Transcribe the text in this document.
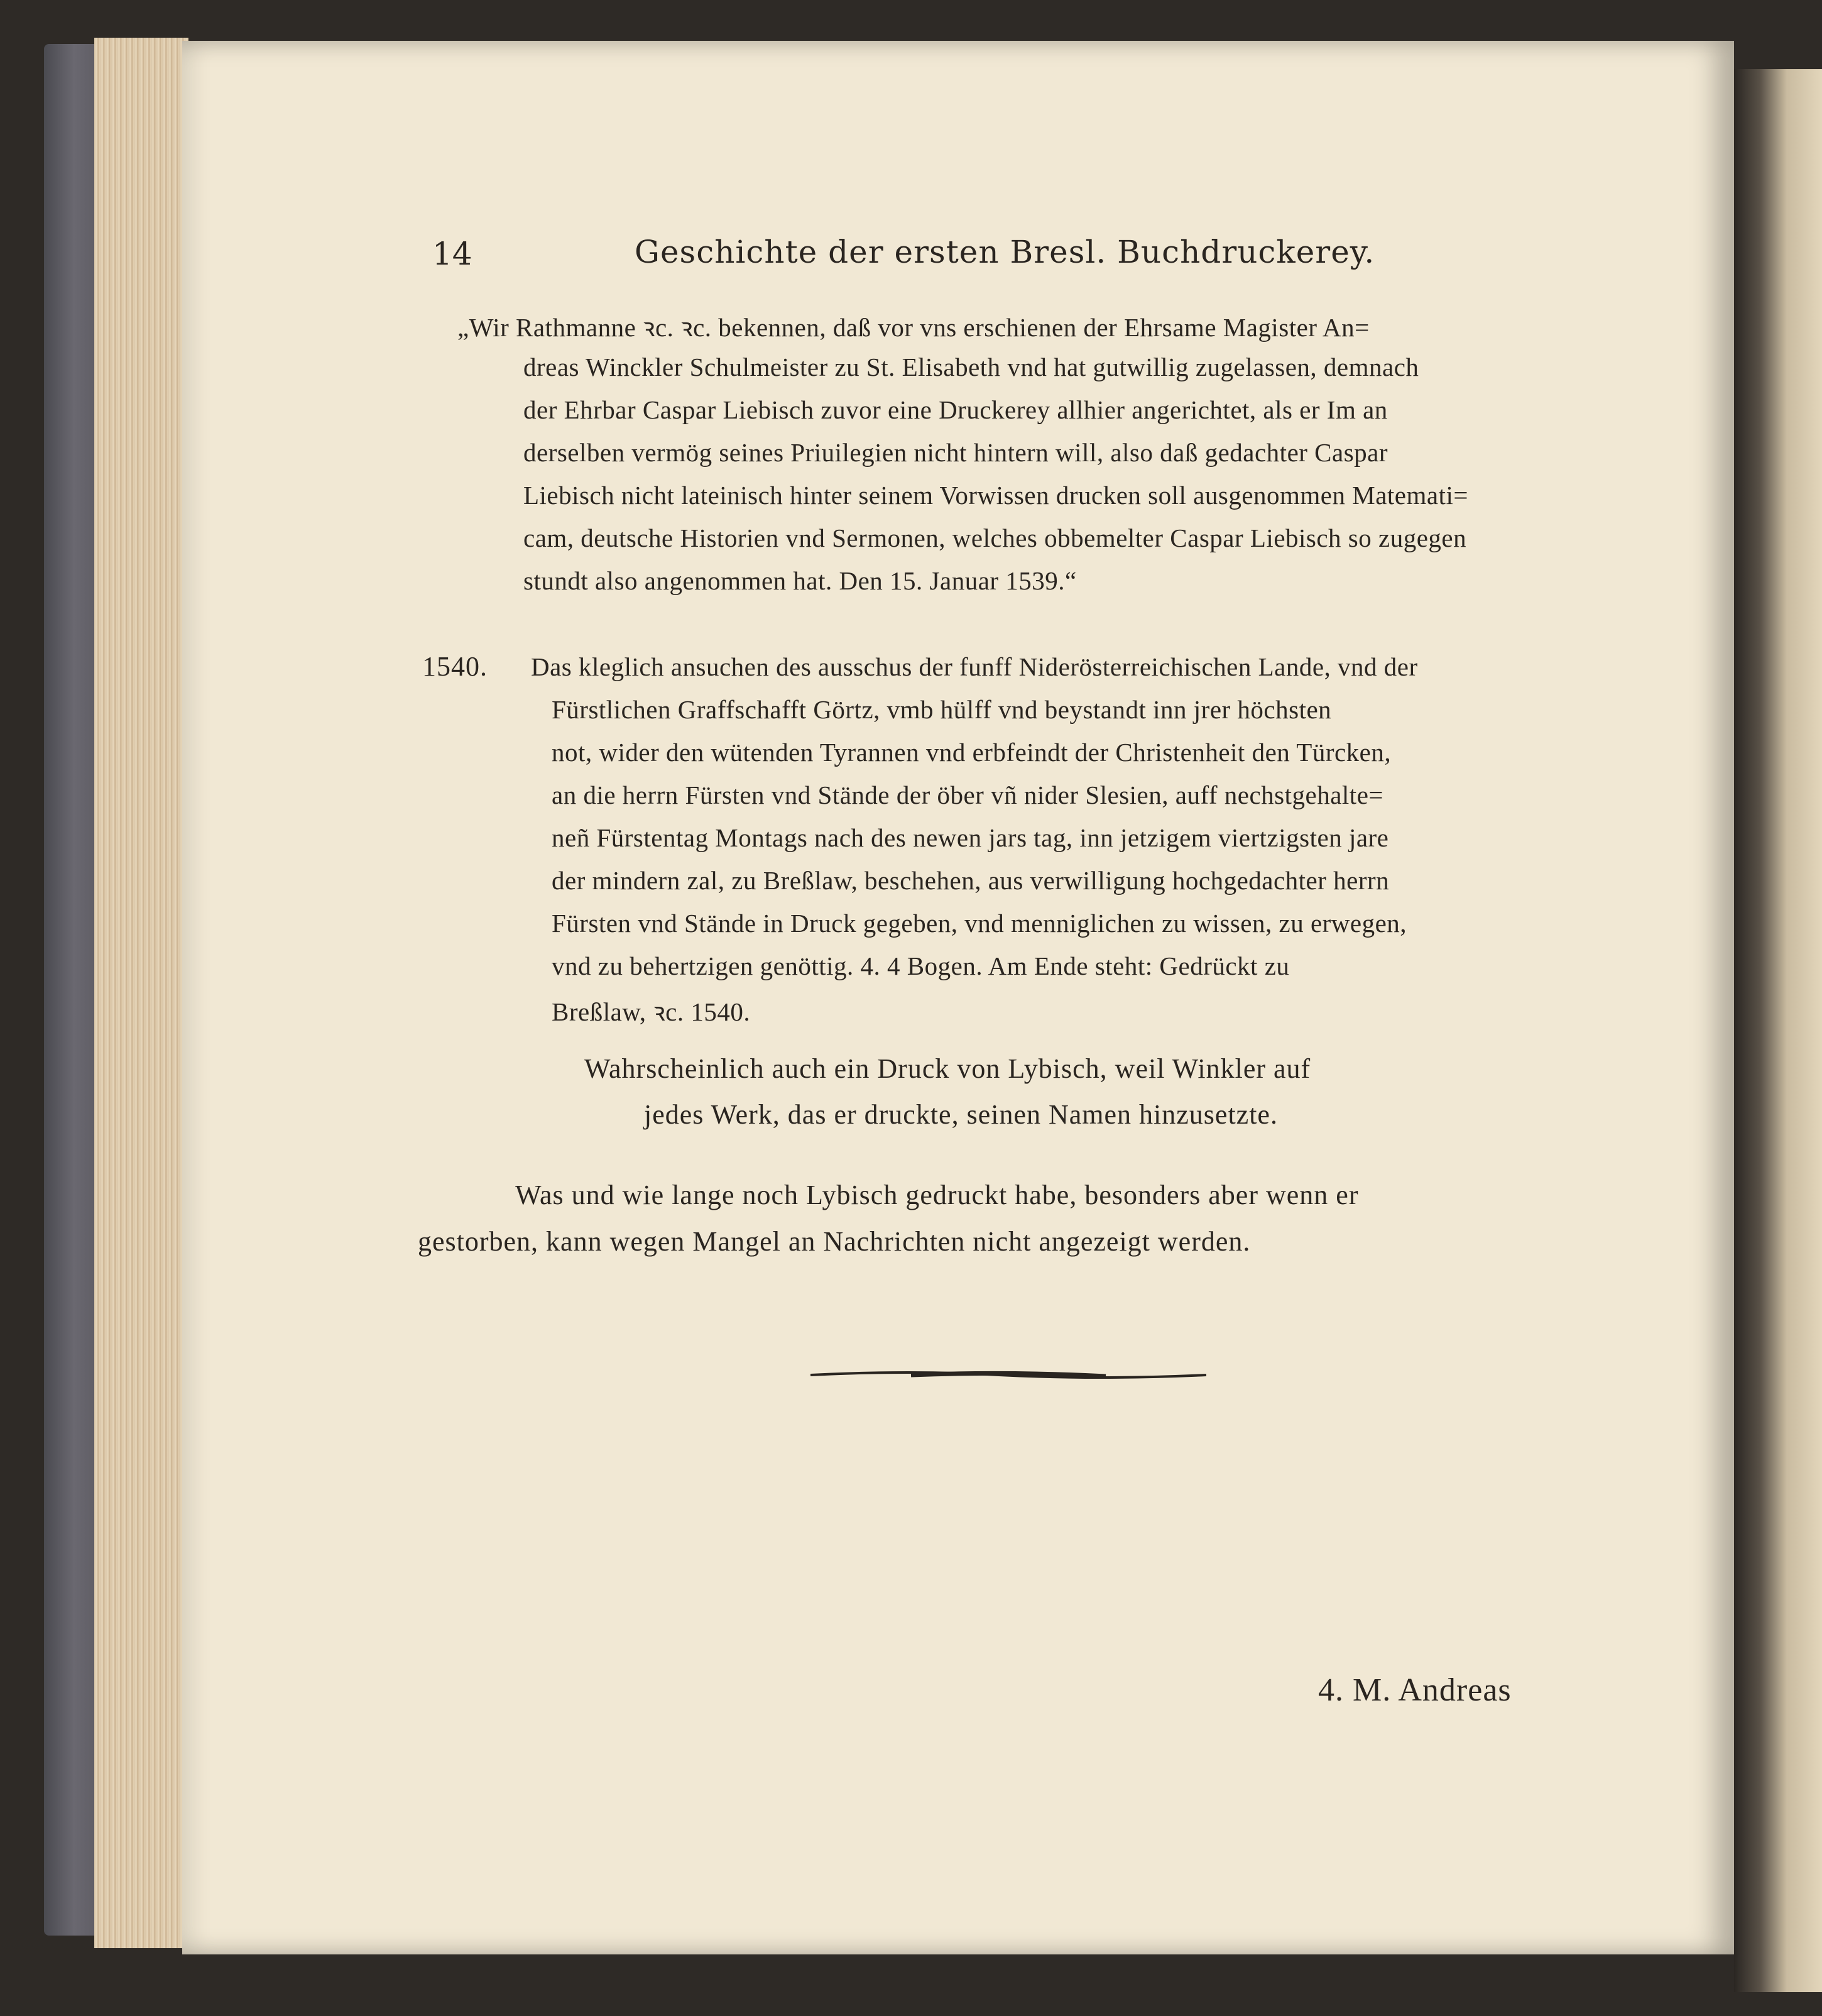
14	Geschichte der ersten Bresl. Buchdruckerey.
„Wir Rathmanne ꝛc. ꝛc. bekennen, daß vor vns erschienen der Ehrsame Magister An=
dreas Winckler Schulmeister zu St. Elisabeth vnd hat gutwillig zugelassen, demnach
der Ehrbar Caspar Liebisch zuvor eine Druckerey allhier angerichtet, als er Im an
derselben vermög seines Priuilegien nicht hintern will, also daß gedachter Caspar
Liebisch nicht lateinisch hinter seinem Vorwissen drucken soll ausgenommen Matemati=
cam, deutsche Historien vnd Sermonen, welches obbemelter Caspar Liebisch so zugegen
stundt also angenommen hat. Den 15. Januar 1539.“
1540. Das kleglich ansuchen des ausschus der funff Niderösterreichischen Lande, vnd der
Fürstlichen Graffschafft Görtz, vmb hülff vnd beystandt inn jrer höchsten
not, wider den wütenden Tyrannen vnd erbfeindt der Christenheit den Türcken,
an die herrn Fürsten vnd Stände der öber vñ nider Slesien, auff nechstgehalte=
neñ Fürstentag Montags nach des newen jars tag, inn jetzigem viertzigsten jare
der mindern zal, zu Breßlaw, beschehen, aus verwilligung hochgedachter herrn
Fürsten vnd Stände in Druck gegeben, vnd menniglichen zu wissen, zu erwegen,
vnd zu behertzigen genöttig. 4. 4 Bogen. Am Ende steht: Gedrückt zu
Breßlaw, ꝛc. 1540.
Wahrscheinlich auch ein Druck von Lybisch, weil Winkler auf
jedes Werk, das er druckte, seinen Namen hinzusetzte.
Was und wie lange noch Lybisch gedruckt habe, besonders aber wenn er
gestorben, kann wegen Mangel an Nachrichten nicht angezeigt werden.
4. M. Andreas
